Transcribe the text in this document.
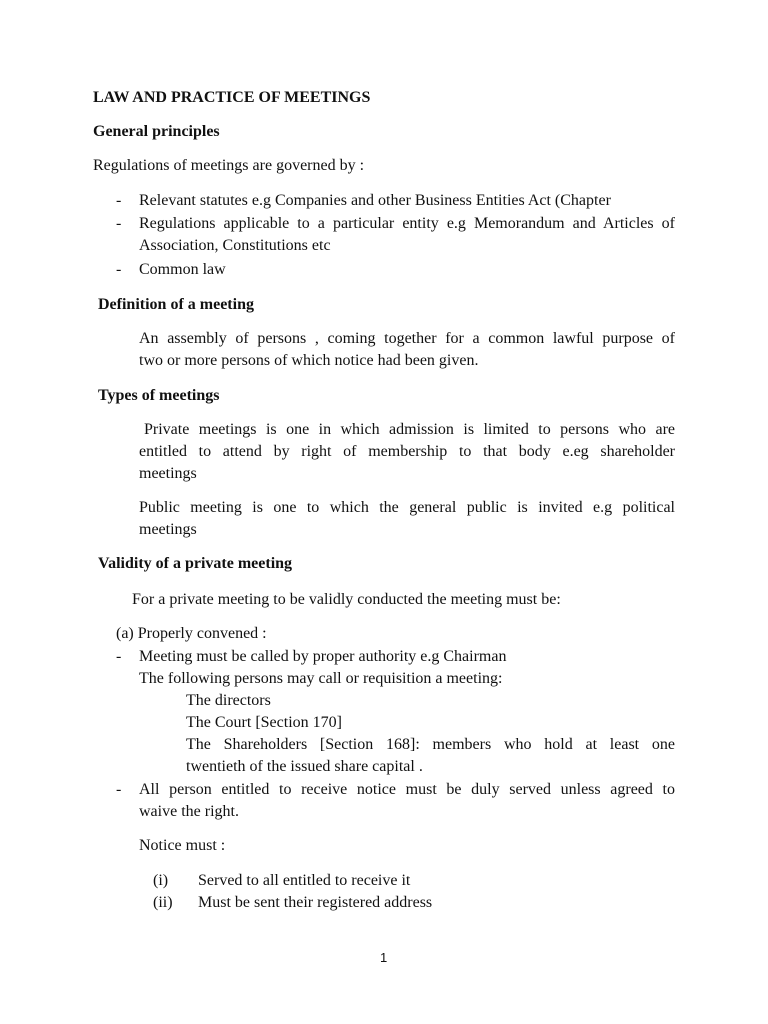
LAW AND PRACTICE OF MEETINGS
General principles
Regulations of meetings are governed by :
- Relevant statutes e.g Companies and other Business Entities Act (Chapter
- Regulations applicable to a particular entity e.g Memorandum and Articles of
Association, Constitutions etc
- Common law
Definition of a meeting
An assembly of persons , coming together for a common lawful purpose of
two or more persons of which notice had been given.
Types of meetings
Private meetings is one in which admission is limited to persons who are
entitled to attend by right of membership to that body e.eg shareholder
meetings
Public meeting is one to which the general public is invited e.g political
meetings
Validity of a private meeting
For a private meeting to be validly conducted the meeting must be:
(a) Properly convened :
- Meeting must be called by proper authority e.g Chairman
The following persons may call or requisition a meeting:
The directors
The Court [Section 170]
The Shareholders [Section 168]: members who hold at least one
twentieth of the issued share capital .
- All person entitled to receive notice must be duly served unless agreed to
waive the right.
Notice must :
(i) Served to all entitled to receive it
(ii) Must be sent their registered address
1
